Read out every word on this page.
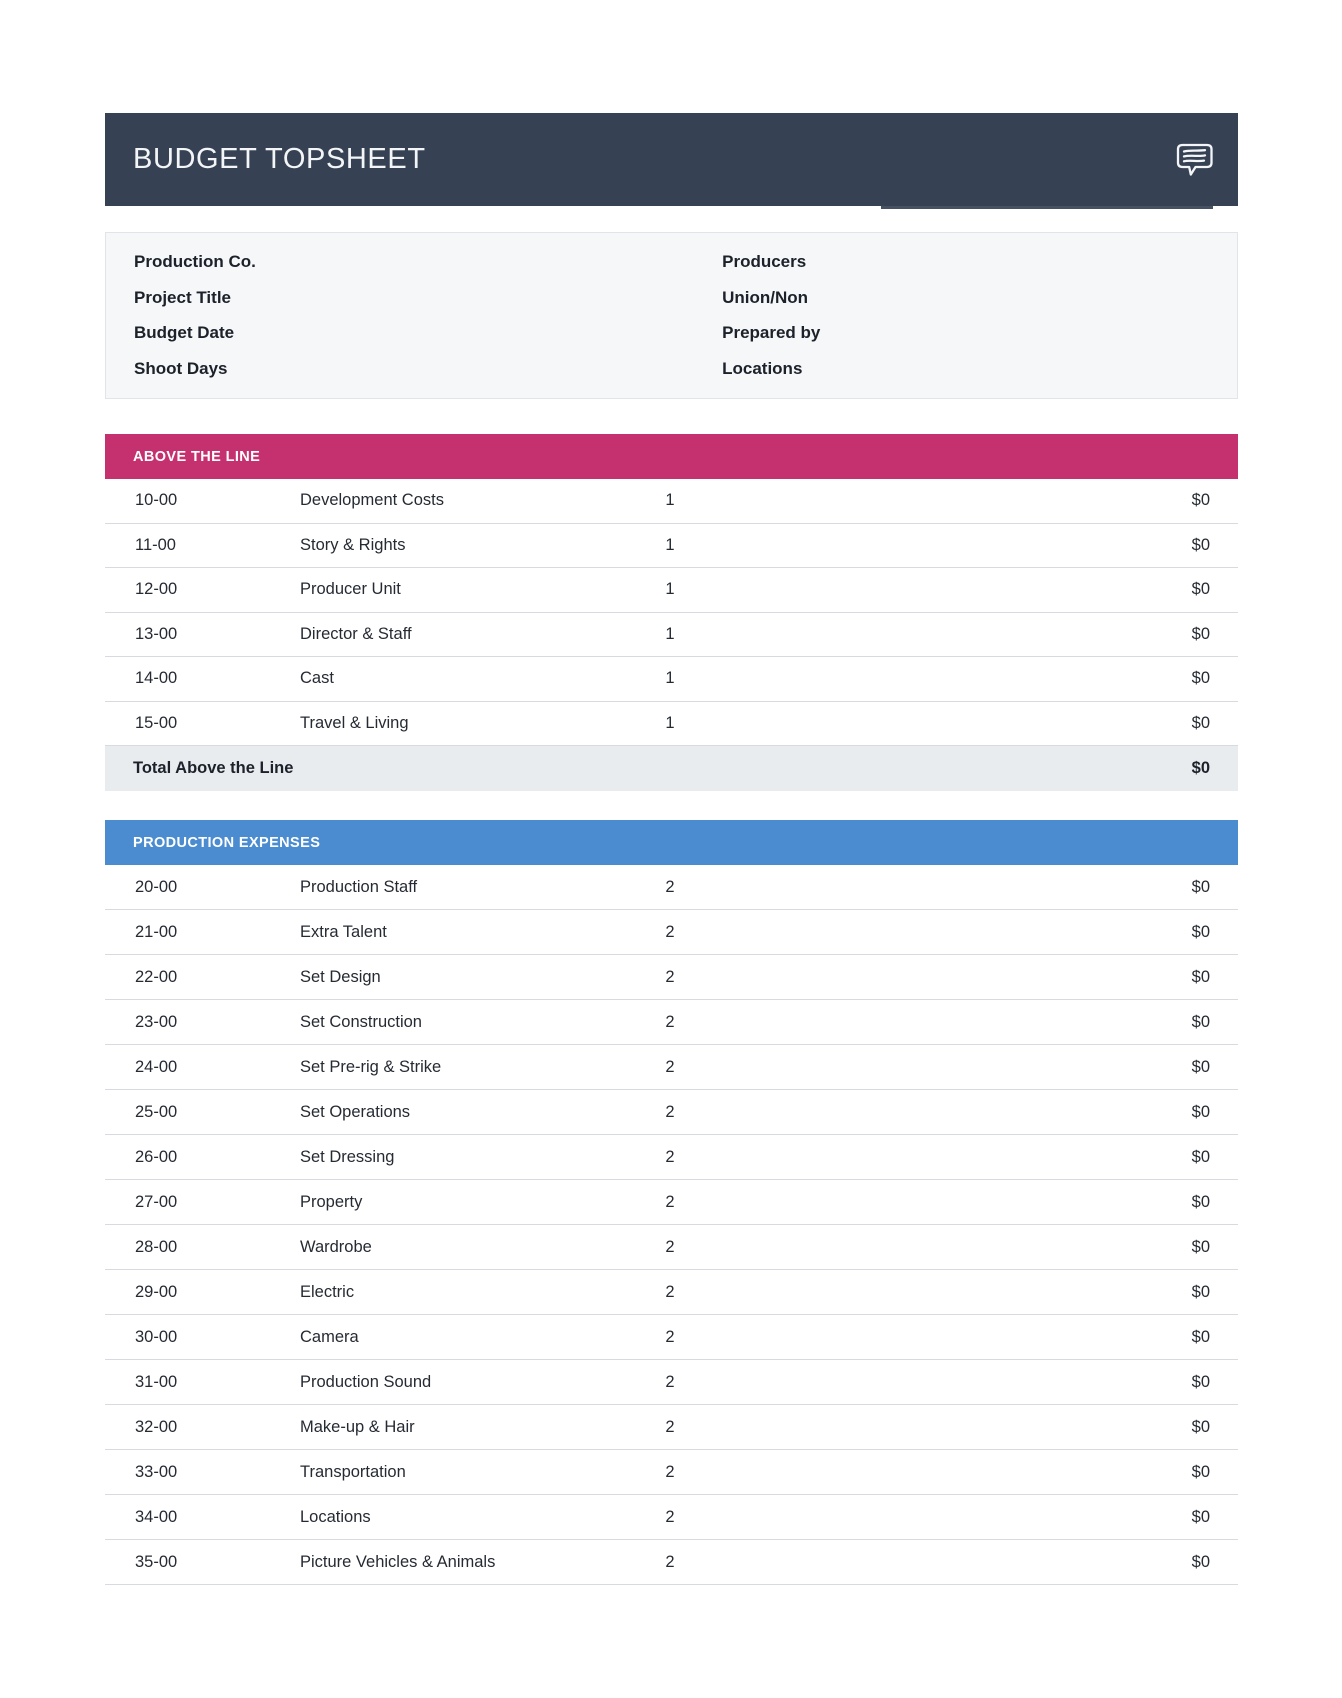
BUDGET TOPSHEET
Production Co.
Project Title
Budget Date
Shoot Days
Producers
Union/Non
Prepared by
Locations
ABOVE THE LINE
10-00	Development Costs	1	$0
11-00	Story & Rights	1	$0
12-00	Producer Unit	1	$0
13-00	Director & Staff	1	$0
14-00	Cast	1	$0
15-00	Travel & Living	1	$0
Total Above the Line	$0
PRODUCTION EXPENSES
20-00	Production Staff	2	$0
21-00	Extra Talent	2	$0
22-00	Set Design	2	$0
23-00	Set Construction	2	$0
24-00	Set Pre-rig & Strike	2	$0
25-00	Set Operations	2	$0
26-00	Set Dressing	2	$0
27-00	Property	2	$0
28-00	Wardrobe	2	$0
29-00	Electric	2	$0
30-00	Camera	2	$0
31-00	Production Sound	2	$0
32-00	Make-up & Hair	2	$0
33-00	Transportation	2	$0
34-00	Locations	2	$0
35-00	Picture Vehicles & Animals	2	$0
